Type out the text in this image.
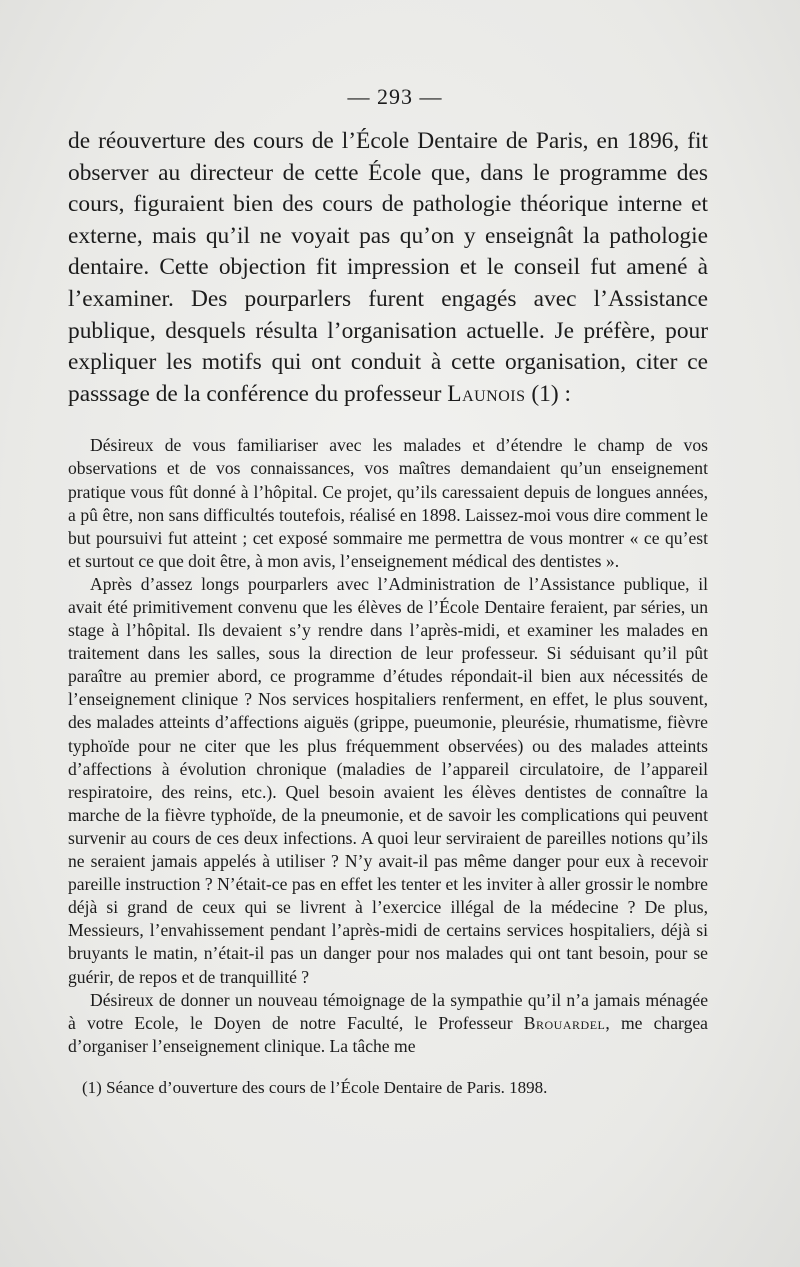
— 293 —

de réouverture des cours de l’École Dentaire de Paris, en 1896, fit observer au directeur de cette École que, dans le programme des cours, figuraient bien des cours de pathologie théorique interne et externe, mais qu’il ne voyait pas qu’on y enseignât la pathologie dentaire. Cette objection fit impression et le conseil fut amené à l’examiner. Des pourparlers furent engagés avec l’Assistance publique, desquels résulta l’organisation actuelle. Je préfère, pour expliquer les motifs qui ont conduit à cette organisation, citer ce passsage de la conférence du professeur Launois (1) :

Désireux de vous familiariser avec les malades et d’étendre le champ de vos observations et de vos connaissances, vos maîtres demandaient qu’un enseignement pratique vous fût donné à l’hôpital. Ce projet, qu’ils caressaient depuis de longues années, a pû être, non sans difficultés toutefois, réalisé en 1898. Laissez-moi vous dire comment le but poursuivi fut atteint ; cet exposé sommaire me permettra de vous montrer « ce qu’est et surtout ce que doit être, à mon avis, l’enseignement médical des dentistes ».

Après d’assez longs pourparlers avec l’Administration de l’Assistance publique, il avait été primitivement convenu que les élèves de l’École Dentaire feraient, par séries, un stage à l’hôpital. Ils devaient s’y rendre dans l’après-midi, et examiner les malades en traitement dans les salles, sous la direction de leur professeur. Si séduisant qu’il pût paraître au premier abord, ce programme d’études répondait-il bien aux nécessités de l’enseignement clinique ? Nos services hospitaliers renferment, en effet, le plus souvent, des malades atteints d’affections aiguës (grippe, pueumonie, pleurésie, rhumatisme, fièvre typhoïde pour ne citer que les plus fréquemment observées) ou des malades atteints d’affections à évolution chronique (maladies de l’appareil circulatoire, de l’appareil respiratoire, des reins, etc.). Quel besoin avaient les élèves dentistes de connaître la marche de la fièvre typhoïde, de la pneumonie, et de savoir les complications qui peuvent survenir au cours de ces deux infections. A quoi leur serviraient de pareilles notions qu’ils ne seraient jamais appelés à utiliser ? N’y avait-il pas même danger pour eux à recevoir pareille instruction ? N’était-ce pas en effet les tenter et les inviter à aller grossir le nombre déjà si grand de ceux qui se livrent à l’exercice illégal de la médecine ? De plus, Messieurs, l’envahissement pendant l’après-midi de certains services hospitaliers, déjà si bruyants le matin, n’était-il pas un danger pour nos malades qui ont tant besoin, pour se guérir, de repos et de tranquillité ?

Désireux de donner un nouveau témoignage de la sympathie qu’il n’a jamais ménagée à votre Ecole, le Doyen de notre Faculté, le Professeur Brouardel, me chargea d’organiser l’enseignement clinique. La tâche me

(1) Séance d’ouverture des cours de l’École Dentaire de Paris. 1898.
